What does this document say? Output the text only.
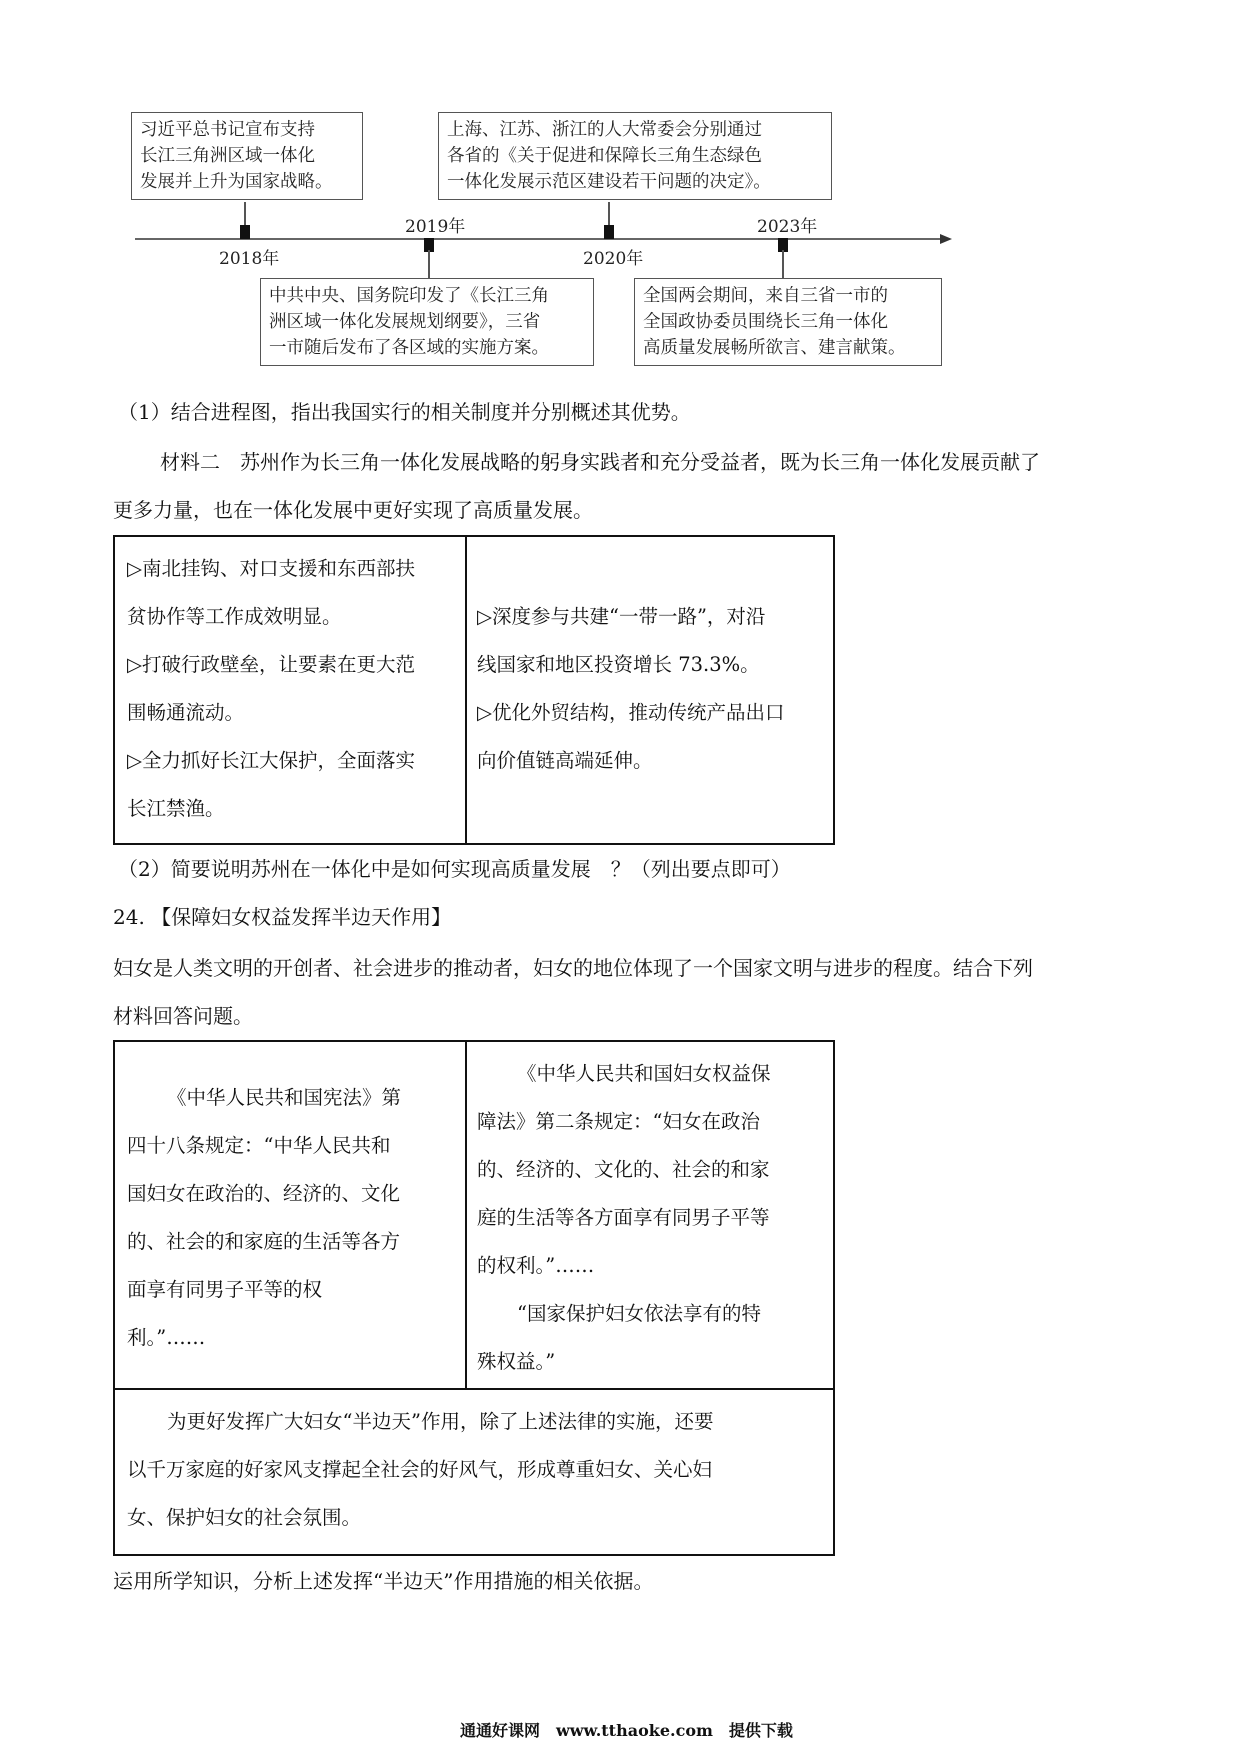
习近平总书记宣布支持
长江三角洲区域一体化
发展并上升为国家战略。
2018年
2019年
中共中央、国务院印发了《长江三角
洲区域一体化发展规划纲要》，三省
一市随后发布了各区域的实施方案。
上海、江苏、浙江的人大常委会分别通过
各省的《关于促进和保障长三角生态绿色
一体化发展示范区建设若干问题的决定》。
2020年
2023年
全国两会期间，来自三省一市的
全国政协委员围绕长三角一体化
高质量发展畅所欲言、建言献策。
（1）结合进程图，指出我国实行的相关制度并分别概述其优势。
材料二　苏州作为长三角一体化发展战略的躬身实践者和充分受益者，既为长三角一体化发展贡献了
更多力量，也在一体化发展中更好实现了高质量发展。
▷南北挂钩、对口支援和东西部扶
贫协作等工作成效明显。
▷打破行政壁垒，让要素在更大范
围畅通流动。
▷全力抓好长江大保护，全面落实
长江禁渔。
▷深度参与共建“一带一路”，对沿
线国家和地区投资增长 73.3%。
▷优化外贸结构，推动传统产品出口
向价值链高端延伸。
（2）简要说明苏州在一体化中是如何实现高质量发展　？（列出要点即可）
24. 【保障妇女权益发挥半边天作用】
妇女是人类文明的开创者、社会进步的推动者，妇女的地位体现了一个国家文明与进步的程度。结合下列
材料回答问题。
《中华人民共和国宪法》第
四十八条规定：“中华人民共和
国妇女在政治的、经济的、文化
的、社会的和家庭的生活等各方
面享有同男子平等的权
利。”……
《中华人民共和国妇女权益保
障法》第二条规定：“妇女在政治
的、经济的、文化的、社会的和家
庭的生活等各方面享有同男子平等
的权利。”……
“国家保护妇女依法享有的特
殊权益。”
为更好发挥广大妇女“半边天”作用，除了上述法律的实施，还要
以千万家庭的好家风支撑起全社会的好风气，形成尊重妇女、关心妇
女、保护妇女的社会氛围。
运用所学知识，分析上述发挥“半边天”作用措施的相关依据。
通通好课网　www.tthaoke.com　提供下载
